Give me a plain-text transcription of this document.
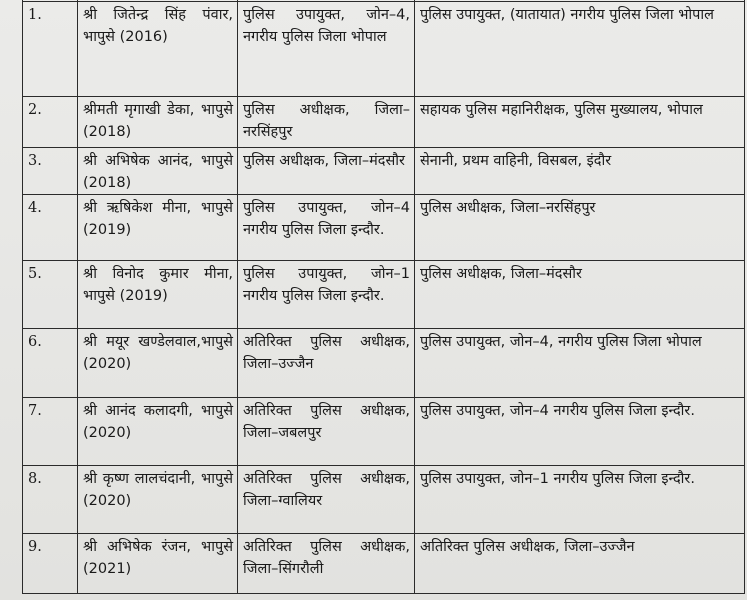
1.	श्री जितेन्द्र सिंह पंवार, भापुसे (2016)	पुलिस उपायुक्त, जोन–4, नगरीय पुलिस जिला भोपाल	पुलिस उपायुक्त, (यातायात) नगरीय पुलिस जिला भोपाल
2.	श्रीमती मृगाखी डेका, भापुसे (2018)	पुलिस अधीक्षक, जिला–नरसिंहपुर	सहायक पुलिस महानिरीक्षक, पुलिस मुख्यालय, भोपाल
3.	श्री अभिषेक आनंद, भापुसे (2018)	पुलिस अधीक्षक, जिला–मंदसौर	सेनानी, प्रथम वाहिनी, विसबल, इंदौर
4.	श्री ऋषिकेश मीना, भापुसे (2019)	पुलिस उपायुक्त, जोन–4 नगरीय पुलिस जिला इन्दौर.	पुलिस अधीक्षक, जिला–नरसिंहपुर
5.	श्री विनोद कुमार मीना, भापुसे (2019)	पुलिस उपायुक्त, जोन–1 नगरीय पुलिस जिला इन्दौर.	पुलिस अधीक्षक, जिला–मंदसौर
6.	श्री मयूर खण्डेलवाल,भापुसे (2020)	अतिरिक्त पुलिस अधीक्षक, जिला–उज्जैन	पुलिस उपायुक्त, जोन–4, नगरीय पुलिस जिला भोपाल
7.	श्री आनंद कलादगी, भापुसे (2020)	अतिरिक्त पुलिस अधीक्षक, जिला–जबलपुर	पुलिस उपायुक्त, जोन–4 नगरीय पुलिस जिला इन्दौर.
8.	श्री कृष्ण लालचंदानी, भापुसे (2020)	अतिरिक्त पुलिस अधीक्षक, जिला–ग्वालियर	पुलिस उपायुक्त, जोन–1 नगरीय पुलिस जिला इन्दौर.
9.	श्री अभिषेक रंजन, भापुसे (2021)	अतिरिक्त पुलिस अधीक्षक, जिला–सिंगरौली	अतिरिक्त पुलिस अधीक्षक, जिला–उज्जैन
